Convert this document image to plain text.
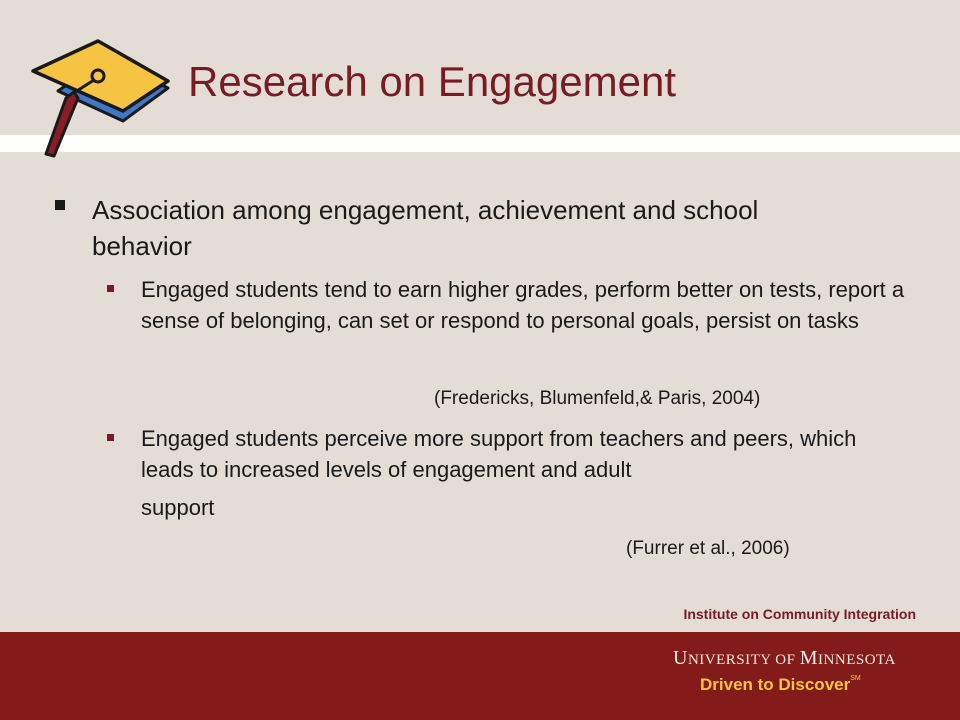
Research on Engagement
Association among engagement, achievement and school behavior
Engaged students tend to earn higher grades, perform better on tests, report a sense of belonging, can set or respond to personal goals, persist on tasks
(Fredericks, Blumenfeld,& Paris, 2004)
Engaged students perceive more support from teachers and peers, which leads to increased levels of engagement and adult
support
(Furrer et al., 2006)
Institute on Community Integration
UNIVERSITY OF MINNESOTA
Driven to Discover℠
